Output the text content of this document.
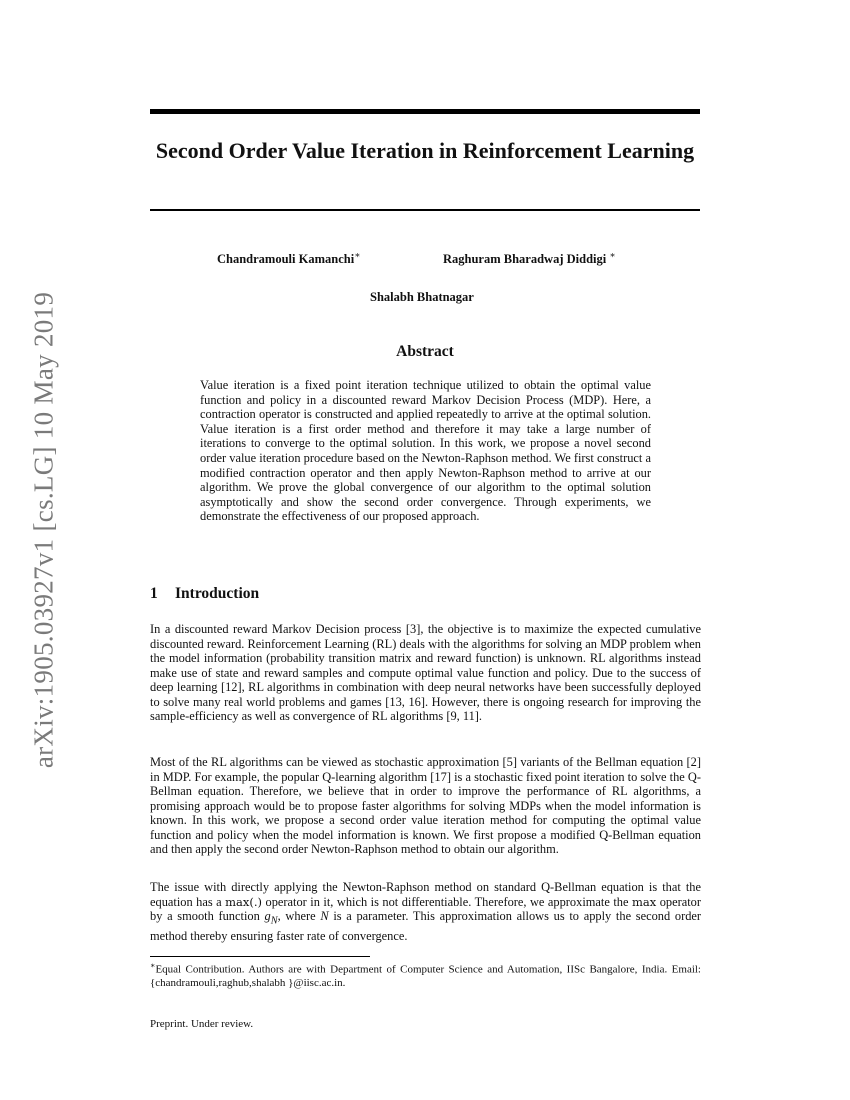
arXiv:1905.03927v1 [cs.LG] 10 May 2019
Second Order Value Iteration in Reinforcement Learning
Chandramouli Kamanchi∗	Raghuram Bharadwaj Diddigi ∗
Shalabh Bhatnagar
Abstract
Value iteration is a fixed point iteration technique utilized to obtain the optimal value function and policy in a discounted reward Markov Decision Process (MDP). Here, a contraction operator is constructed and applied repeatedly to arrive at the optimal solution. Value iteration is a first order method and therefore it may take a large number of iterations to converge to the optimal solution. In this work, we propose a novel second order value iteration procedure based on the Newton-Raphson method. We first construct a modified contraction operator and then apply Newton-Raphson method to arrive at our algorithm. We prove the global convergence of our algorithm to the optimal solution asymptotically and show the second order convergence. Through experiments, we demonstrate the effectiveness of our proposed approach.
1 Introduction
In a discounted reward Markov Decision process [3], the objective is to maximize the expected cumulative discounted reward. Reinforcement Learning (RL) deals with the algorithms for solving an MDP problem when the model information (probability transition matrix and reward function) is unknown. RL algorithms instead make use of state and reward samples and compute optimal value function and policy. Due to the success of deep learning [12], RL algorithms in combination with deep neural networks have been successfully deployed to solve many real world problems and games [13, 16]. However, there is ongoing research for improving the sample-efficiency as well as convergence of RL algorithms [9, 11].
Most of the RL algorithms can be viewed as stochastic approximation [5] variants of the Bellman equation [2] in MDP. For example, the popular Q-learning algorithm [17] is a stochastic fixed point iteration to solve the Q-Bellman equation. Therefore, we believe that in order to improve the performance of RL algorithms, a promising approach would be to propose faster algorithms for solving MDPs when the model information is known. In this work, we propose a second order value iteration method for computing the optimal value function and policy when the model information is known. We first propose a modified Q-Bellman equation and then apply the second order Newton-Raphson method to obtain our algorithm.
The issue with directly applying the Newton-Raphson method on standard Q-Bellman equation is that the equation has a max(.) operator in it, which is not differentiable. Therefore, we approximate the max operator by a smooth function $g_N$, where N is a parameter. This approximation allows us to apply the second order method thereby ensuring faster rate of convergence.
∗Equal Contribution. Authors are with Department of Computer Science and Automation, IISc Bangalore, India. Email: {chandramouli,raghub,shalabh }@iisc.ac.in.
Preprint. Under review.
